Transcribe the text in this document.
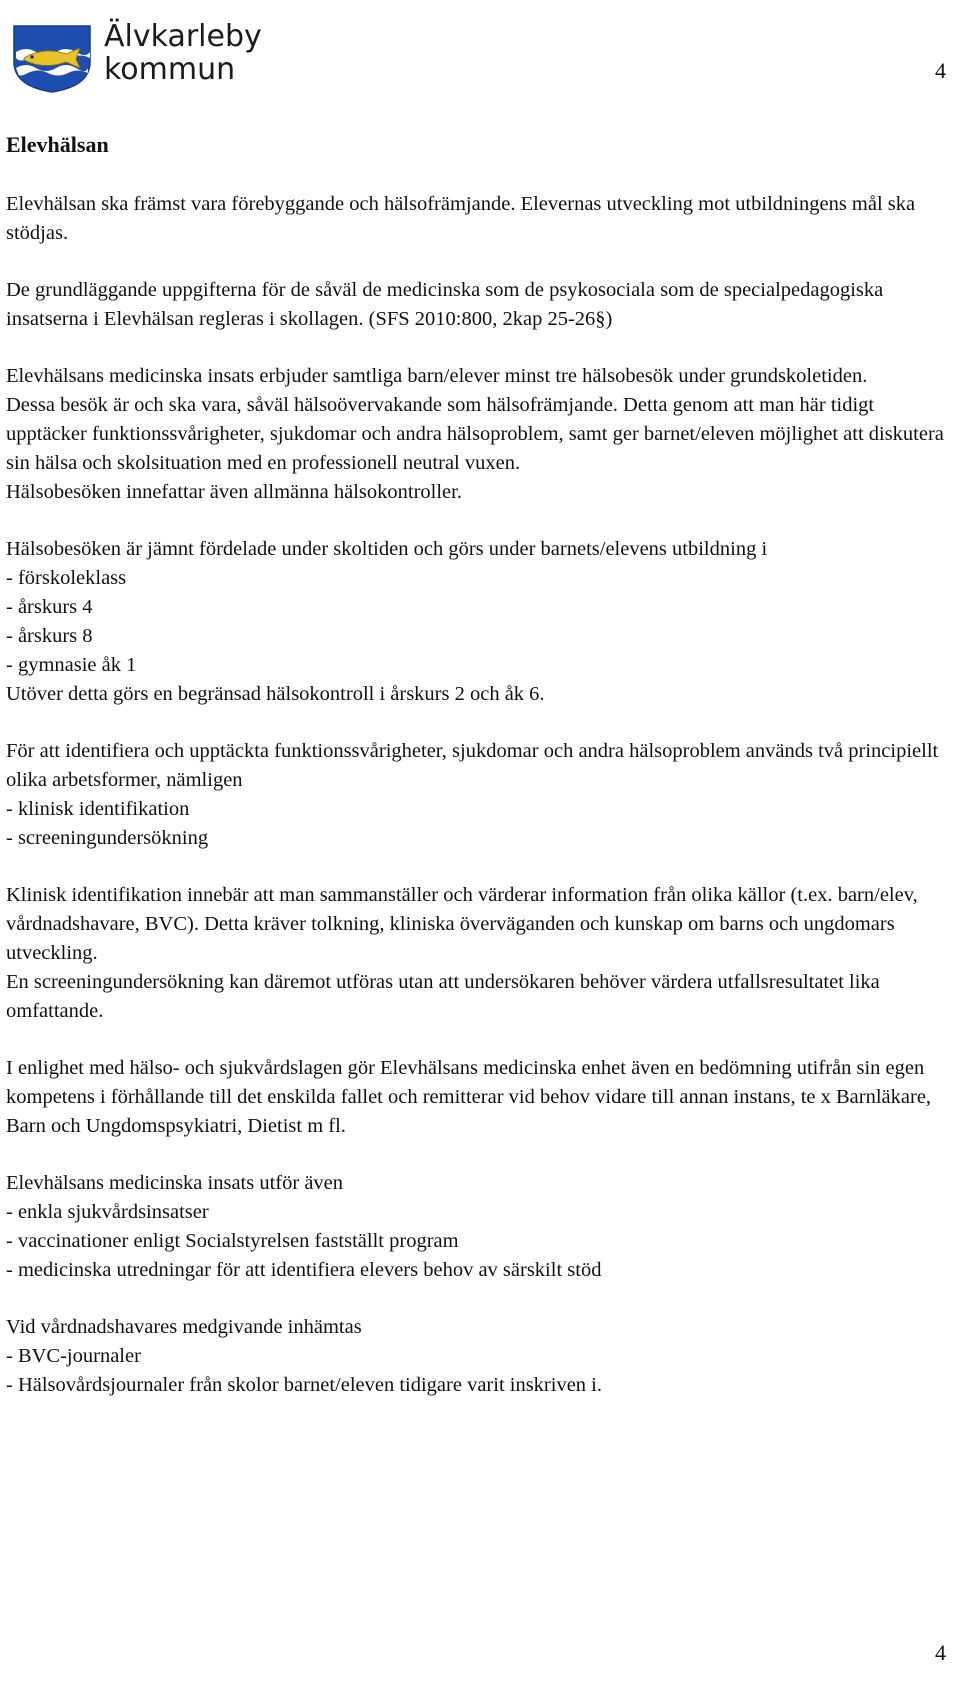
Älvkarleby
kommun	4
Elevhälsan

Elevhälsan ska främst vara förebyggande och hälsofrämjande. Elevernas utveckling mot utbildningens mål ska stödjas.

De grundläggande uppgifterna för de såväl de medicinska som de psykosociala som de specialpedagogiska insatserna i Elevhälsan regleras i skollagen. (SFS 2010:800, 2kap 25-26§)

Elevhälsans medicinska insats erbjuder samtliga barn/elever minst tre hälsobesök under grundskoletiden.
Dessa besök är och ska vara, såväl hälsoövervakande som hälsofrämjande. Detta genom att man här tidigt upptäcker funktionssvårigheter, sjukdomar och andra hälsoproblem, samt ger barnet/eleven möjlighet att diskutera sin hälsa och skolsituation med en professionell neutral vuxen.
Hälsobesöken innefattar även allmänna hälsokontroller.

Hälsobesöken är jämnt fördelade under skoltiden och görs under barnets/elevens utbildning i
- förskoleklass
- årskurs 4
- årskurs 8
- gymnasie åk 1
Utöver detta görs en begränsad hälsokontroll i årskurs 2 och åk 6.

För att identifiera och upptäckta funktionssvårigheter, sjukdomar och andra hälsoproblem används två principiellt olika arbetsformer, nämligen
- klinisk identifikation
- screeningundersökning

Klinisk identifikation innebär att man sammanställer och värderar information från olika källor (t.ex. barn/elev, vårdnadshavare, BVC). Detta kräver tolkning, kliniska överväganden och kunskap om barns och ungdomars utveckling.
En screeningundersökning kan däremot utföras utan att undersökaren behöver värdera utfallsresultatet lika omfattande.

I enlighet med hälso- och sjukvårdslagen gör Elevhälsans medicinska enhet även en bedömning utifrån sin egen kompetens i förhållande till det enskilda fallet och remitterar vid behov vidare till annan instans, te x Barnläkare, Barn och Ungdomspsykiatri, Dietist m fl.

Elevhälsans medicinska insats utför även
- enkla sjukvårdsinsatser
- vaccinationer enligt Socialstyrelsen fastställt program
- medicinska utredningar för att identifiera elevers behov av särskilt stöd

Vid vårdnadshavares medgivande inhämtas
- BVC-journaler
- Hälsovårdsjournaler från skolor barnet/eleven tidigare varit inskriven i.

4
